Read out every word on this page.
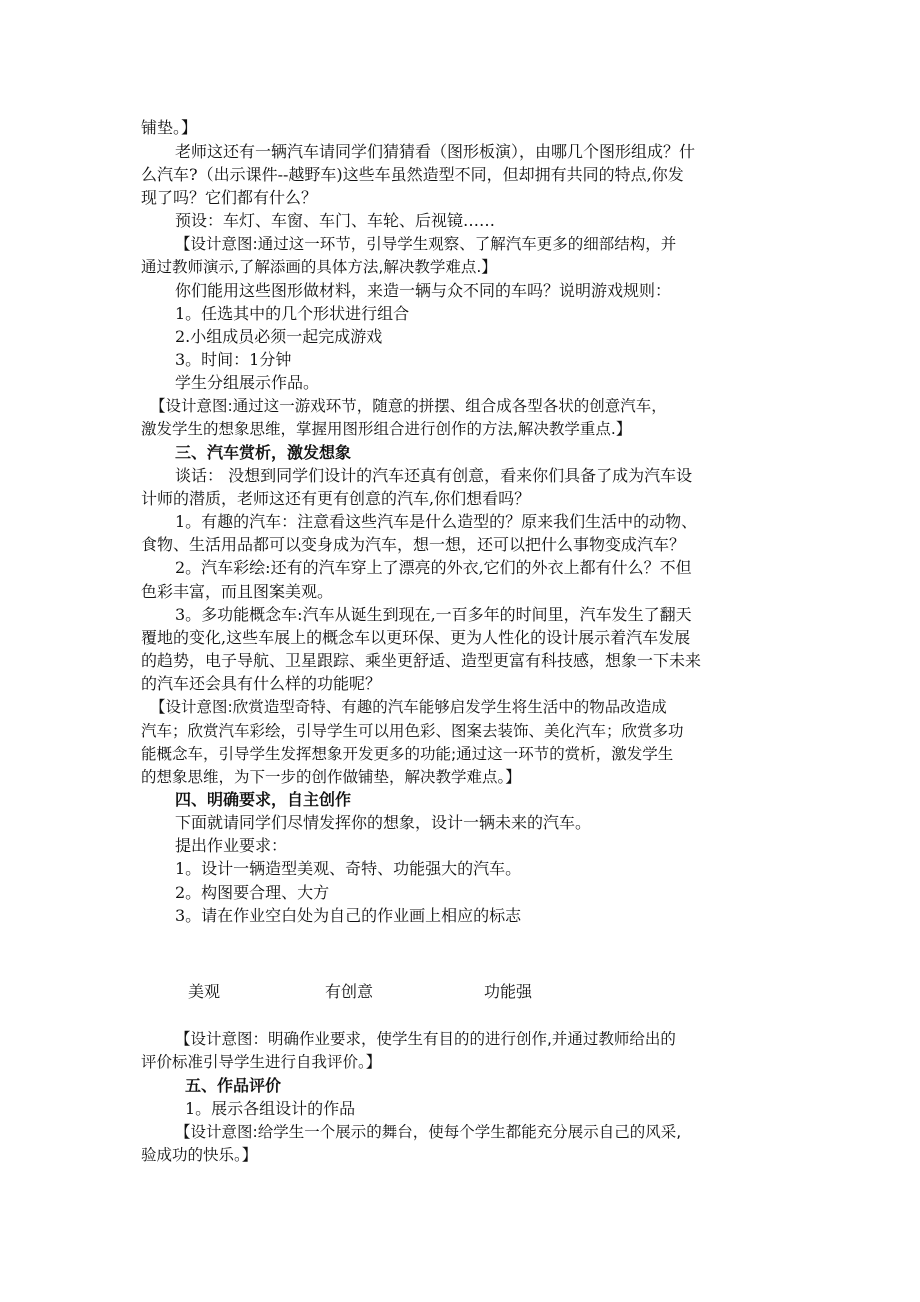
铺垫。】
老师这还有一辆汽车请同学们猜猜看（图形板演），由哪几个图形组成？什
么汽车?（出示课件--越野车)这些车虽然造型不同，但却拥有共同的特点,你发
现了吗？它们都有什么？
预设：车灯、车窗、车门、车轮、后视镜……
【设计意图:通过这一环节，引导学生观察、了解汽车更多的细部结构，并
通过教师演示,了解添画的具体方法,解决教学难点.】
你们能用这些图形做材料，来造一辆与众不同的车吗？说明游戏规则：
1。任选其中的几个形状进行组合
2.小组成员必须一起完成游戏
3。时间：1分钟
学生分组展示作品。
【设计意图:通过这一游戏环节，随意的拼摆、组合成各型各状的创意汽车，
激发学生的想象思维，掌握用图形组合进行创作的方法,解决教学重点.】
三、汽车赏析，激发想象
谈话： 没想到同学们设计的汽车还真有创意，看来你们具备了成为汽车设
计师的潜质，老师这还有更有创意的汽车,你们想看吗？
1。有趣的汽车：注意看这些汽车是什么造型的？原来我们生活中的动物、
食物、生活用品都可以变身成为汽车，想一想，还可以把什么事物变成汽车？
2。汽车彩绘:还有的汽车穿上了漂亮的外衣,它们的外衣上都有什么？不但
色彩丰富，而且图案美观。
3。多功能概念车:汽车从诞生到现在,一百多年的时间里，汽车发生了翻天
覆地的变化,这些车展上的概念车以更环保、更为人性化的设计展示着汽车发展
的趋势，电子导航、卫星跟踪、乘坐更舒适、造型更富有科技感，想象一下未来
的汽车还会具有什么样的功能呢？
【设计意图:欣赏造型奇特、有趣的汽车能够启发学生将生活中的物品改造成
汽车；欣赏汽车彩绘，引导学生可以用色彩、图案去装饰、美化汽车；欣赏多功
能概念车，引导学生发挥想象开发更多的功能;通过这一环节的赏析，激发学生
的想象思维，为下一步的创作做铺垫，解决教学难点。】
四、明确要求，自主创作
下面就请同学们尽情发挥你的想象，设计一辆未来的汽车。
提出作业要求：
1。设计一辆造型美观、奇特、功能强大的汽车。
2。构图要合理、大方
3。请在作业空白处为自己的作业画上相应的标志
美观	有创意	功能强
【设计意图：明确作业要求，使学生有目的的进行创作,并通过教师给出的
评价标准引导学生进行自我评价。】
五、作品评价
1。展示各组设计的作品
【设计意图:给学生一个展示的舞台，使每个学生都能充分展示自己的风采,
验成功的快乐。】
